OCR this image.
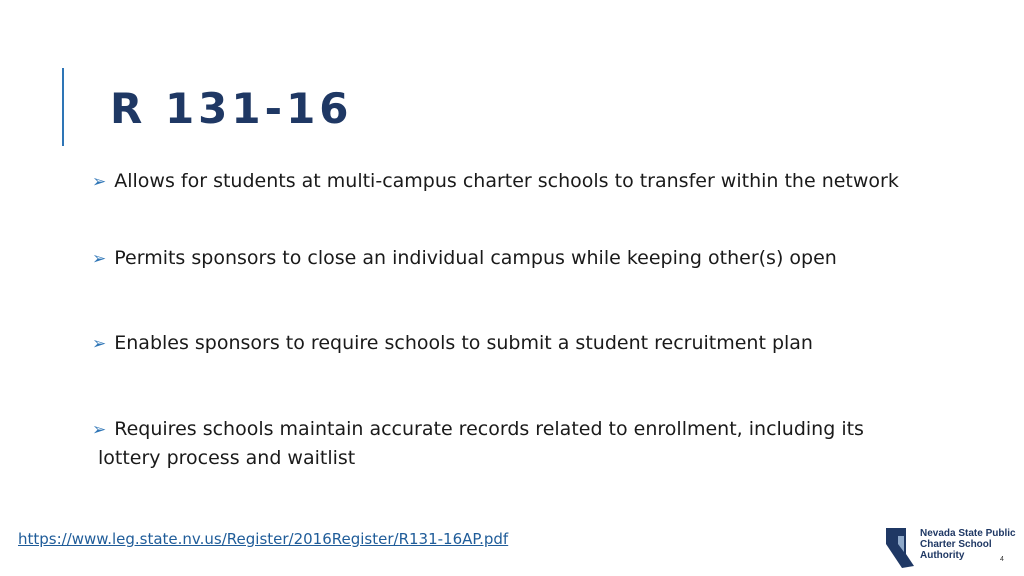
R 131-16
➢ Allows for students at multi-campus charter schools to transfer within the network
➢ Permits sponsors to close an individual campus while keeping other(s) open
➢ Enables sponsors to require schools to submit a student recruitment plan
➢ Requires schools maintain accurate records related to enrollment, including its
lottery process and waitlist
https://www.leg.state.nv.us/Register/2016Register/R131-16AP.pdf	Nevada State Public
Charter School
Authority	4
